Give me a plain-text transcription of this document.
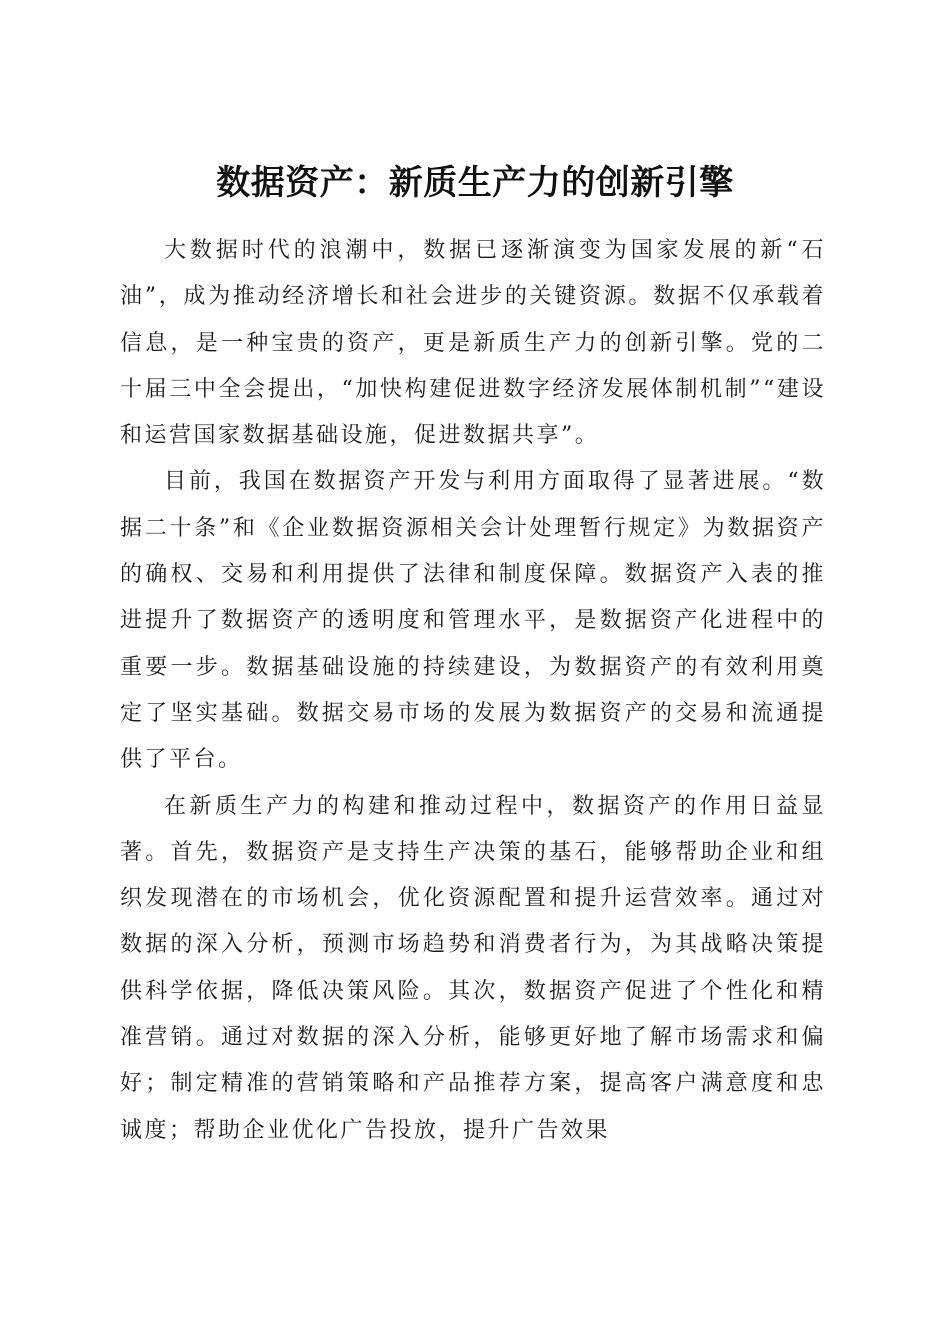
数据资产：新质生产力的创新引擎

大数据时代的浪潮中，数据已逐渐演变为国家发展的新“石油”，成为推动经济增长和社会进步的关键资源。数据不仅承载着信息，是一种宝贵的资产，更是新质生产力的创新引擎。党的二十届三中全会提出，“加快构建促进数字经济发展体制机制”“建设和运营国家数据基础设施，促进数据共享”。

目前，我国在数据资产开发与利用方面取得了显著进展。“数据二十条”和《企业数据资源相关会计处理暂行规定》为数据资产的确权、交易和利用提供了法律和制度保障。数据资产入表的推进提升了数据资产的透明度和管理水平，是数据资产化进程中的重要一步。数据基础设施的持续建设，为数据资产的有效利用奠定了坚实基础。数据交易市场的发展为数据资产的交易和流通提供了平台。

在新质生产力的构建和推动过程中，数据资产的作用日益显著。首先，数据资产是支持生产决策的基石，能够帮助企业和组织发现潜在的市场机会，优化资源配置和提升运营效率。通过对数据的深入分析，预测市场趋势和消费者行为，为其战略决策提供科学依据，降低决策风险。其次，数据资产促进了个性化和精准营销。通过对数据的深入分析，能够更好地了解市场需求和偏好；制定精准的营销策略和产品推荐方案，提高客户满意度和忠诚度；帮助企业优化广告投放，提升广告效果
